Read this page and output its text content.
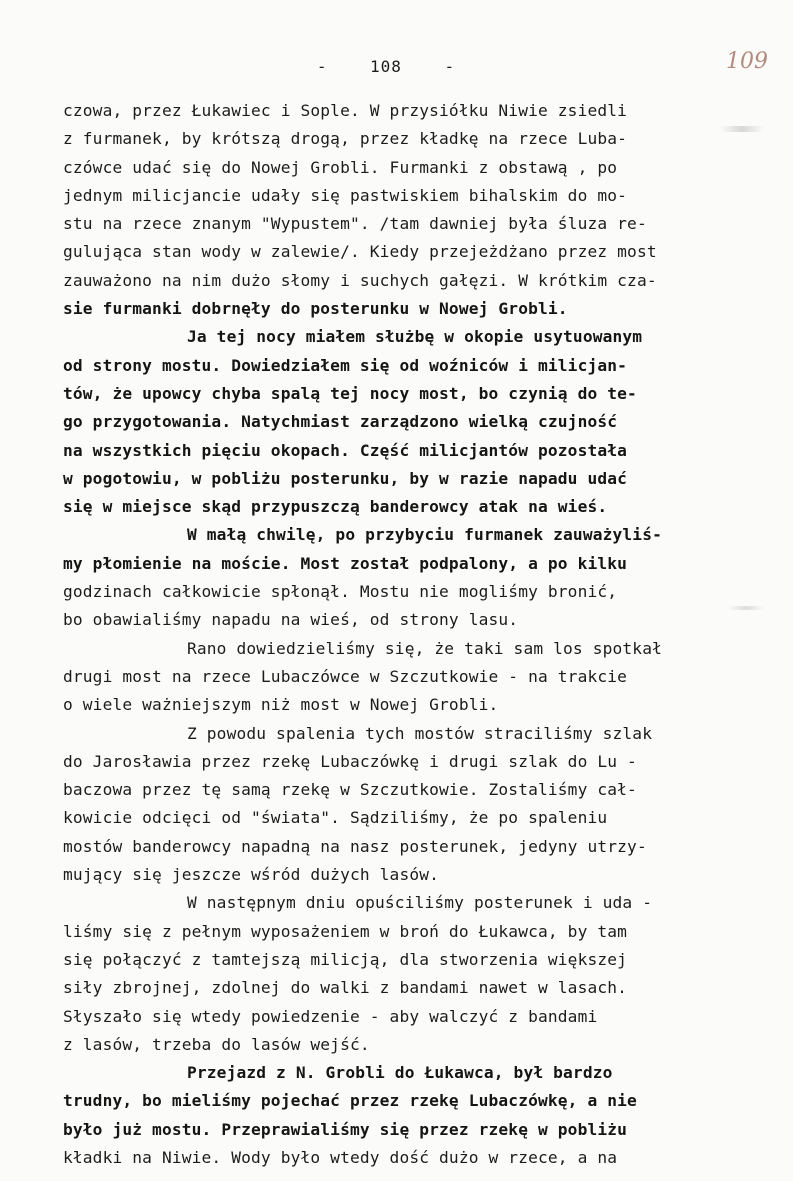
-    108    -	109
czowa, przez Łukawiec i Sople. W przysiółku Niwie zsiedli
z furmanek, by krótszą drogą, przez kładkę na rzece Luba-
czówce udać się do Nowej Grobli. Furmanki z obstawą , po
jednym milicjancie udały się pastwiskiem bihalskim do mo-
stu na rzece znanym "Wypustem". /tam dawniej była śluza re-
gulująca stan wody w zalewie/. Kiedy przejeżdżano przez most
zauważono na nim dużo słomy i suchych gałęzi. W krótkim cza-
sie furmanki dobrnęły do posterunku w Nowej Grobli.
Ja tej nocy miałem służbę w okopie usytuowanym
od strony mostu. Dowiedziałem się od woźniców i milicjan-
tów, że upowcy chyba spalą tej nocy most, bo czynią do te-
go przygotowania. Natychmiast zarządzono wielką czujność
na wszystkich pięciu okopach. Część milicjantów pozostała
w pogotowiu, w pobliżu posterunku, by w razie napadu udać
się w miejsce skąd przypuszczą banderowcy atak na wieś.
W małą chwilę, po przybyciu furmanek zauważyliś-
my płomienie na moście. Most został podpalony, a po kilku
godzinach całkowicie spłonął. Mostu nie mogliśmy bronić,
bo obawialiśmy napadu na wieś, od strony lasu.
Rano dowiedzieliśmy się, że taki sam los spotkał
drugi most na rzece Lubaczówce w Szczutkowie - na trakcie
o wiele ważniejszym niż most w Nowej Grobli.
Z powodu spalenia tych mostów straciliśmy szlak
do Jarosławia przez rzekę Lubaczówkę i drugi szlak do Lu -
baczowa przez tę samą rzekę w Szczutkowie. Zostaliśmy cał-
kowicie odcięci od "świata". Sądziliśmy, że po spaleniu
mostów banderowcy napadną na nasz posterunek, jedyny utrzy-
mujący się jeszcze wśród dużych lasów.
W następnym dniu opuściliśmy posterunek i uda -
liśmy się z pełnym wyposażeniem w broń do Łukawca, by tam
się połączyć z tamtejszą milicją, dla stworzenia większej
siły zbrojnej, zdolnej do walki z bandami nawet w lasach.
Słyszało się wtedy powiedzenie - aby walczyć z bandami
z lasów, trzeba do lasów wejść.
Przejazd z N. Grobli do Łukawca, był bardzo
trudny, bo mieliśmy pojechać przez rzekę Lubaczówkę, a nie
było już mostu. Przeprawialiśmy się przez rzekę w pobliżu
kładki na Niwie. Wody było wtedy dość dużo w rzece, a na
